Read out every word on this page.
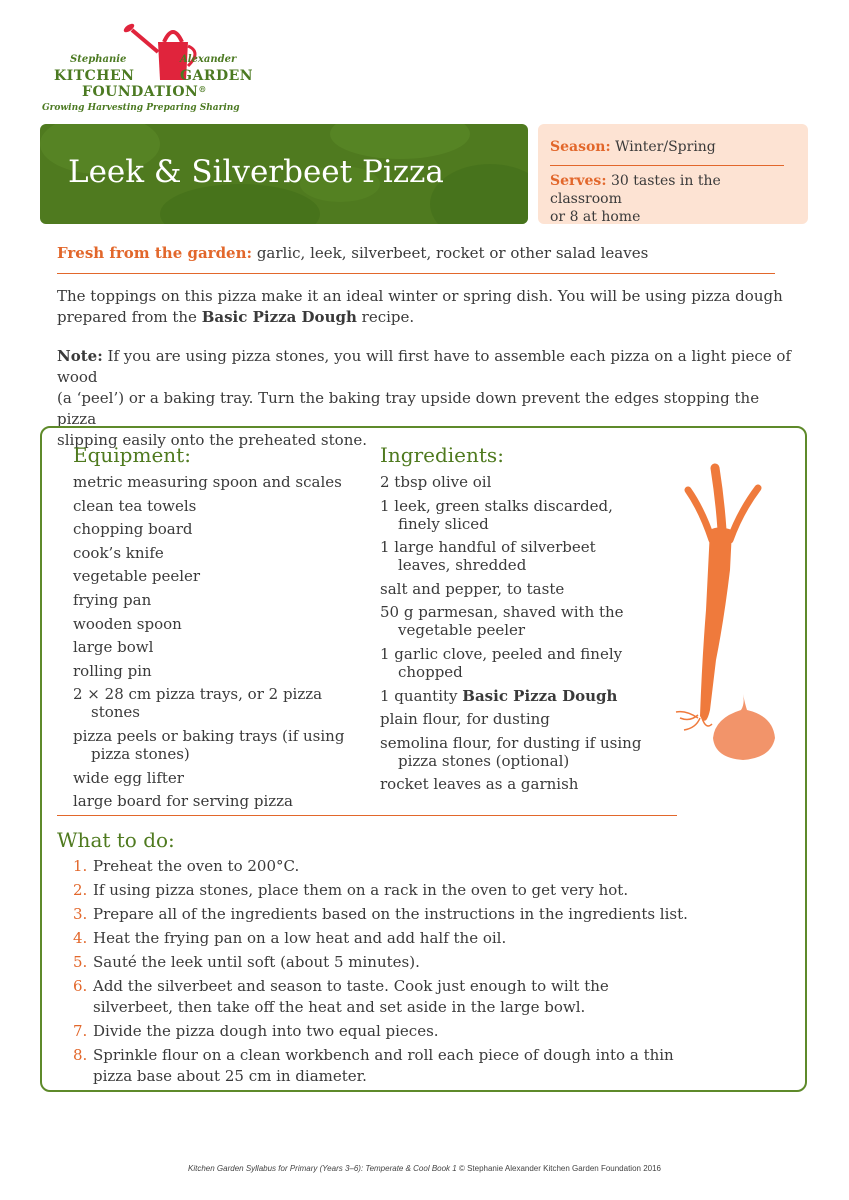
Stephanie	Alexander
KITCHEN	GARDEN
FOUNDATION®
Growing Harvesting Preparing Sharing
Leek & Silverbeet Pizza
Season: Winter/Spring
Serves: 30 tastes in the classroom
or 8 at home
Fresh from the garden: garlic, leek, silverbeet, rocket or other salad leaves
The toppings on this pizza make it an ideal winter or spring dish. You will be using pizza dough
prepared from the Basic Pizza Dough recipe.
Note: If you are using pizza stones, you will first have to assemble each pizza on a light piece of wood
(a ‘peel’) or a baking tray. Turn the baking tray upside down prevent the edges stopping the pizza
slipping easily onto the preheated stone.
Equipment:
metric measuring spoon and scales
clean tea towels
chopping board
cook’s knife
vegetable peeler
frying pan
wooden spoon
large bowl
rolling pin
2 × 28 cm pizza trays, or 2 pizza stones
pizza peels or baking trays (if using pizza stones)
wide egg lifter
large board for serving pizza
Ingredients:
2 tbsp olive oil
1 leek, green stalks discarded, finely sliced
1 large handful of silverbeet leaves, shredded
salt and pepper, to taste
50 g parmesan, shaved with the vegetable peeler
1 garlic clove, peeled and finely chopped
1 quantity Basic Pizza Dough
plain flour, for dusting
semolina flour, for dusting if using pizza stones (optional)
rocket leaves as a garnish
What to do:
1. Preheat the oven to 200°C.
2. If using pizza stones, place them on a rack in the oven to get very hot.
3. Prepare all of the ingredients based on the instructions in the ingredients list.
4. Heat the frying pan on a low heat and add half the oil.
5. Sauté the leek until soft (about 5 minutes).
6. Add the silverbeet and season to taste. Cook just enough to wilt the silverbeet, then take off the heat and set aside in the large bowl.
7. Divide the pizza dough into two equal pieces.
8. Sprinkle flour on a clean workbench and roll each piece of dough into a thin pizza base about 25 cm in diameter.
Kitchen Garden Syllabus for Primary (Years 3–6): Temperate & Cool Book 1 © Stephanie Alexander Kitchen Garden Foundation 2016
